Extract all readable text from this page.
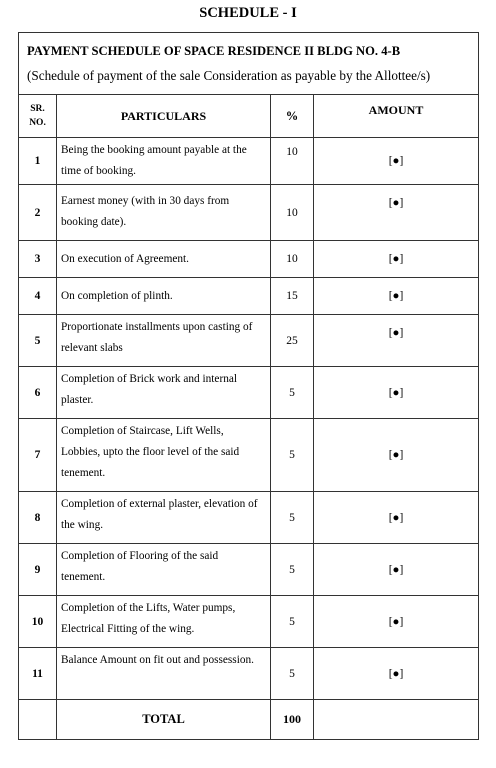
SCHEDULE - I
PAYMENT SCHEDULE OF SPACE RESIDENCE II BLDG NO. 4-B
(Schedule of payment of the sale Consideration as payable by the Allottee/s)			

SR.
NO.	PARTICULARS	%	AMOUNT
1	Being the booking amount payable at the time of booking.	10	[●]
2	Earnest money (with in 30 days from booking date).	10	[●]
3	On execution of Agreement.	10	[●]
4	On completion of plinth.	15	[●]
5	Proportionate installments upon casting of relevant slabs	25	[●]
6	Completion of Brick work and internal plaster.	5	[●]
7	Completion of Staircase, Lift Wells, Lobbies, upto the floor level of the said tenement.	5	[●]
8	Completion of external plaster, elevation of the wing.	5	[●]
9	Completion of Flooring of the said tenement.	5	[●]
10	Completion of the Lifts, Water pumps, Electrical Fitting of the wing.	5	[●]
11	Balance Amount on fit out and possession.	5	[●]
	TOTAL	100	
